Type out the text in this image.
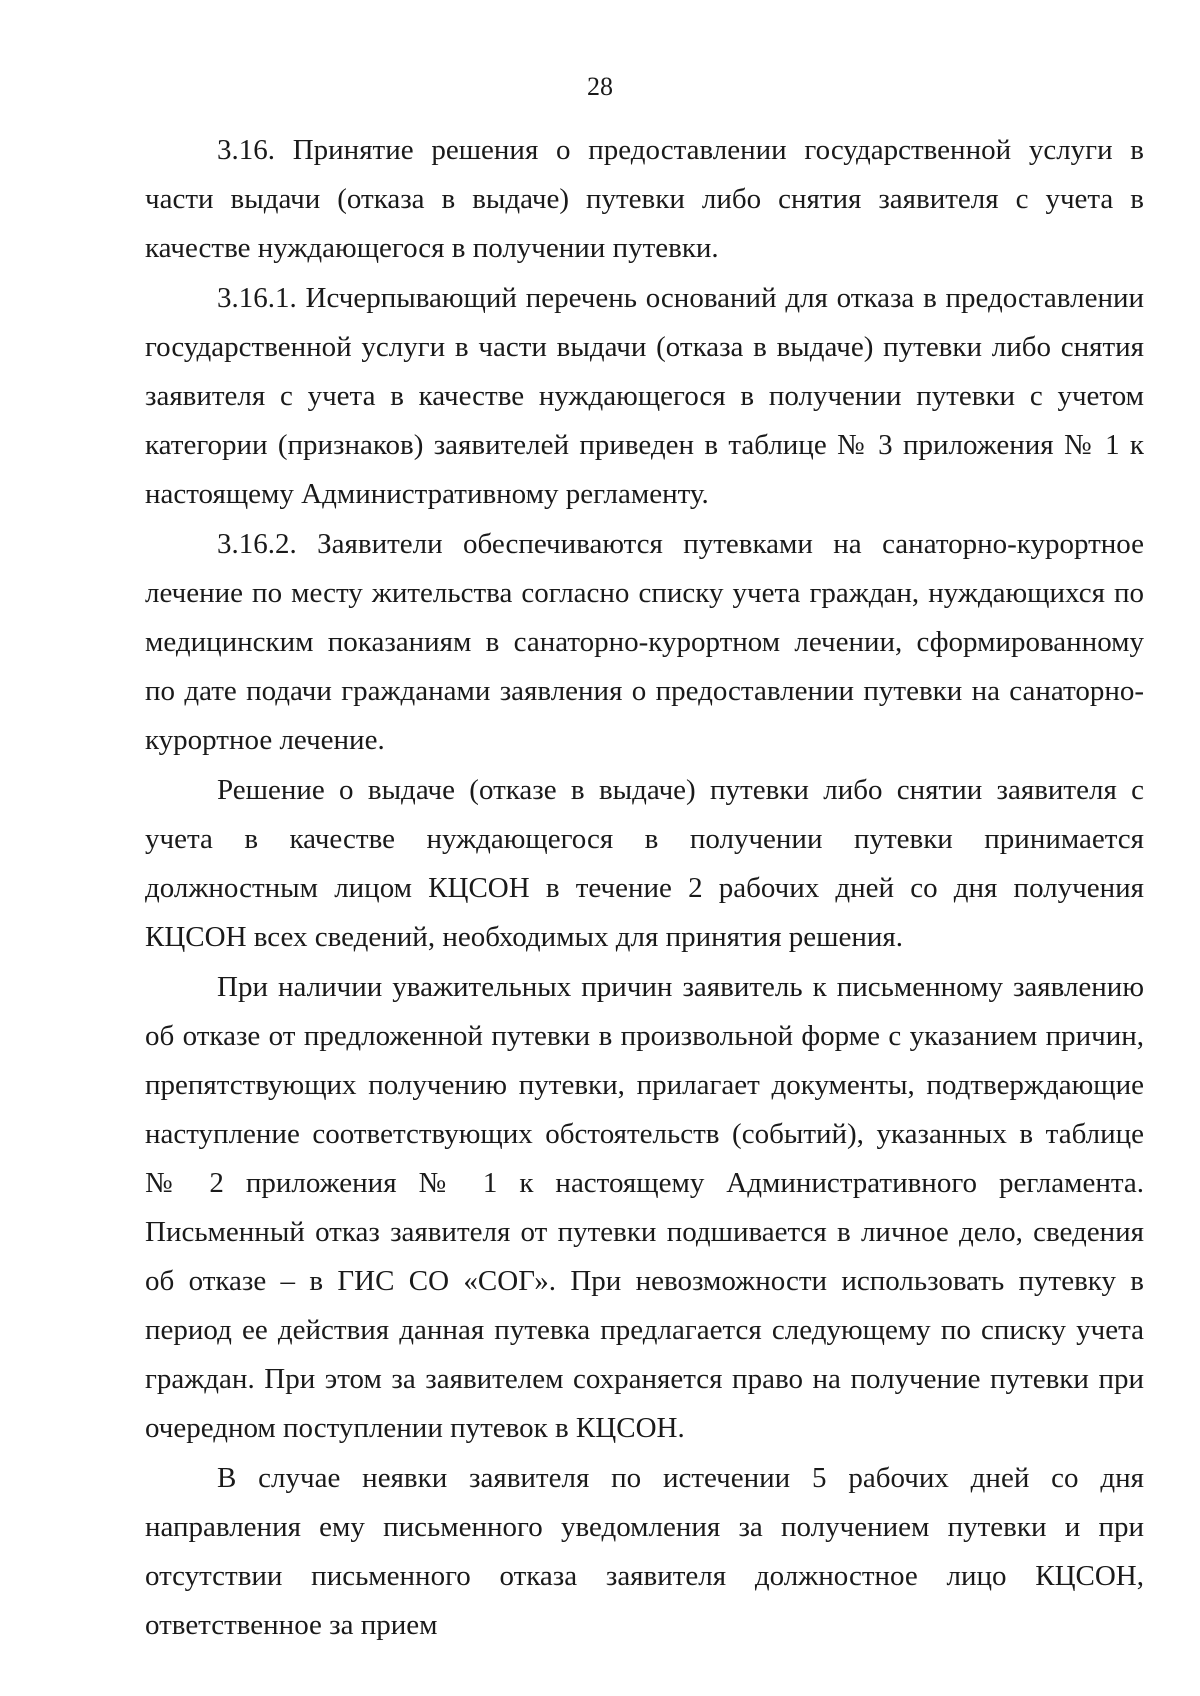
28

3.16. Принятие решения о предоставлении государственной услуги в части выдачи (отказа в выдаче) путевки либо снятия заявителя с учета в качестве нуждающегося в получении путевки.

3.16.1. Исчерпывающий перечень оснований для отказа в предоставлении государственной услуги в части выдачи (отказа в выдаче) путевки либо снятия заявителя с учета в качестве нуждающегося в получении путевки с учетом категории (признаков) заявителей приведен в таблице № 3 приложения № 1 к настоящему Административному регламенту.

3.16.2. Заявители обеспечиваются путевками на санаторно-курортное лечение по месту жительства согласно списку учета граждан, нуждающихся по медицинским показаниям в санаторно-курортном лечении, сформированному по дате подачи гражданами заявления о предоставлении путевки на санаторно-курортное лечение.

Решение о выдаче (отказе в выдаче) путевки либо снятии заявителя с учета в качестве нуждающегося в получении путевки принимается должностным лицом КЦСОН в течение 2 рабочих дней со дня получения КЦСОН всех сведений, необходимых для принятия решения.

При наличии уважительных причин заявитель к письменному заявлению об отказе от предложенной путевки в произвольной форме с указанием причин, препятствующих получению путевки, прилагает документы, подтверждающие наступление соответствующих обстоятельств (событий), указанных в таблице № 2 приложения № 1 к настоящему Административного регламента. Письменный отказ заявителя от путевки подшивается в личное дело, сведения об отказе – в ГИС СО «СОГ». При невозможности использовать путевку в период ее действия данная путевка предлагается следующему по списку учета граждан. При этом за заявителем сохраняется право на получение путевки при очередном поступлении путевок в КЦСОН.

В случае неявки заявителя по истечении 5 рабочих дней со дня направления ему письменного уведомления за получением путевки и при отсутствии письменного отказа заявителя должностное лицо КЦСОН, ответственное за прием
